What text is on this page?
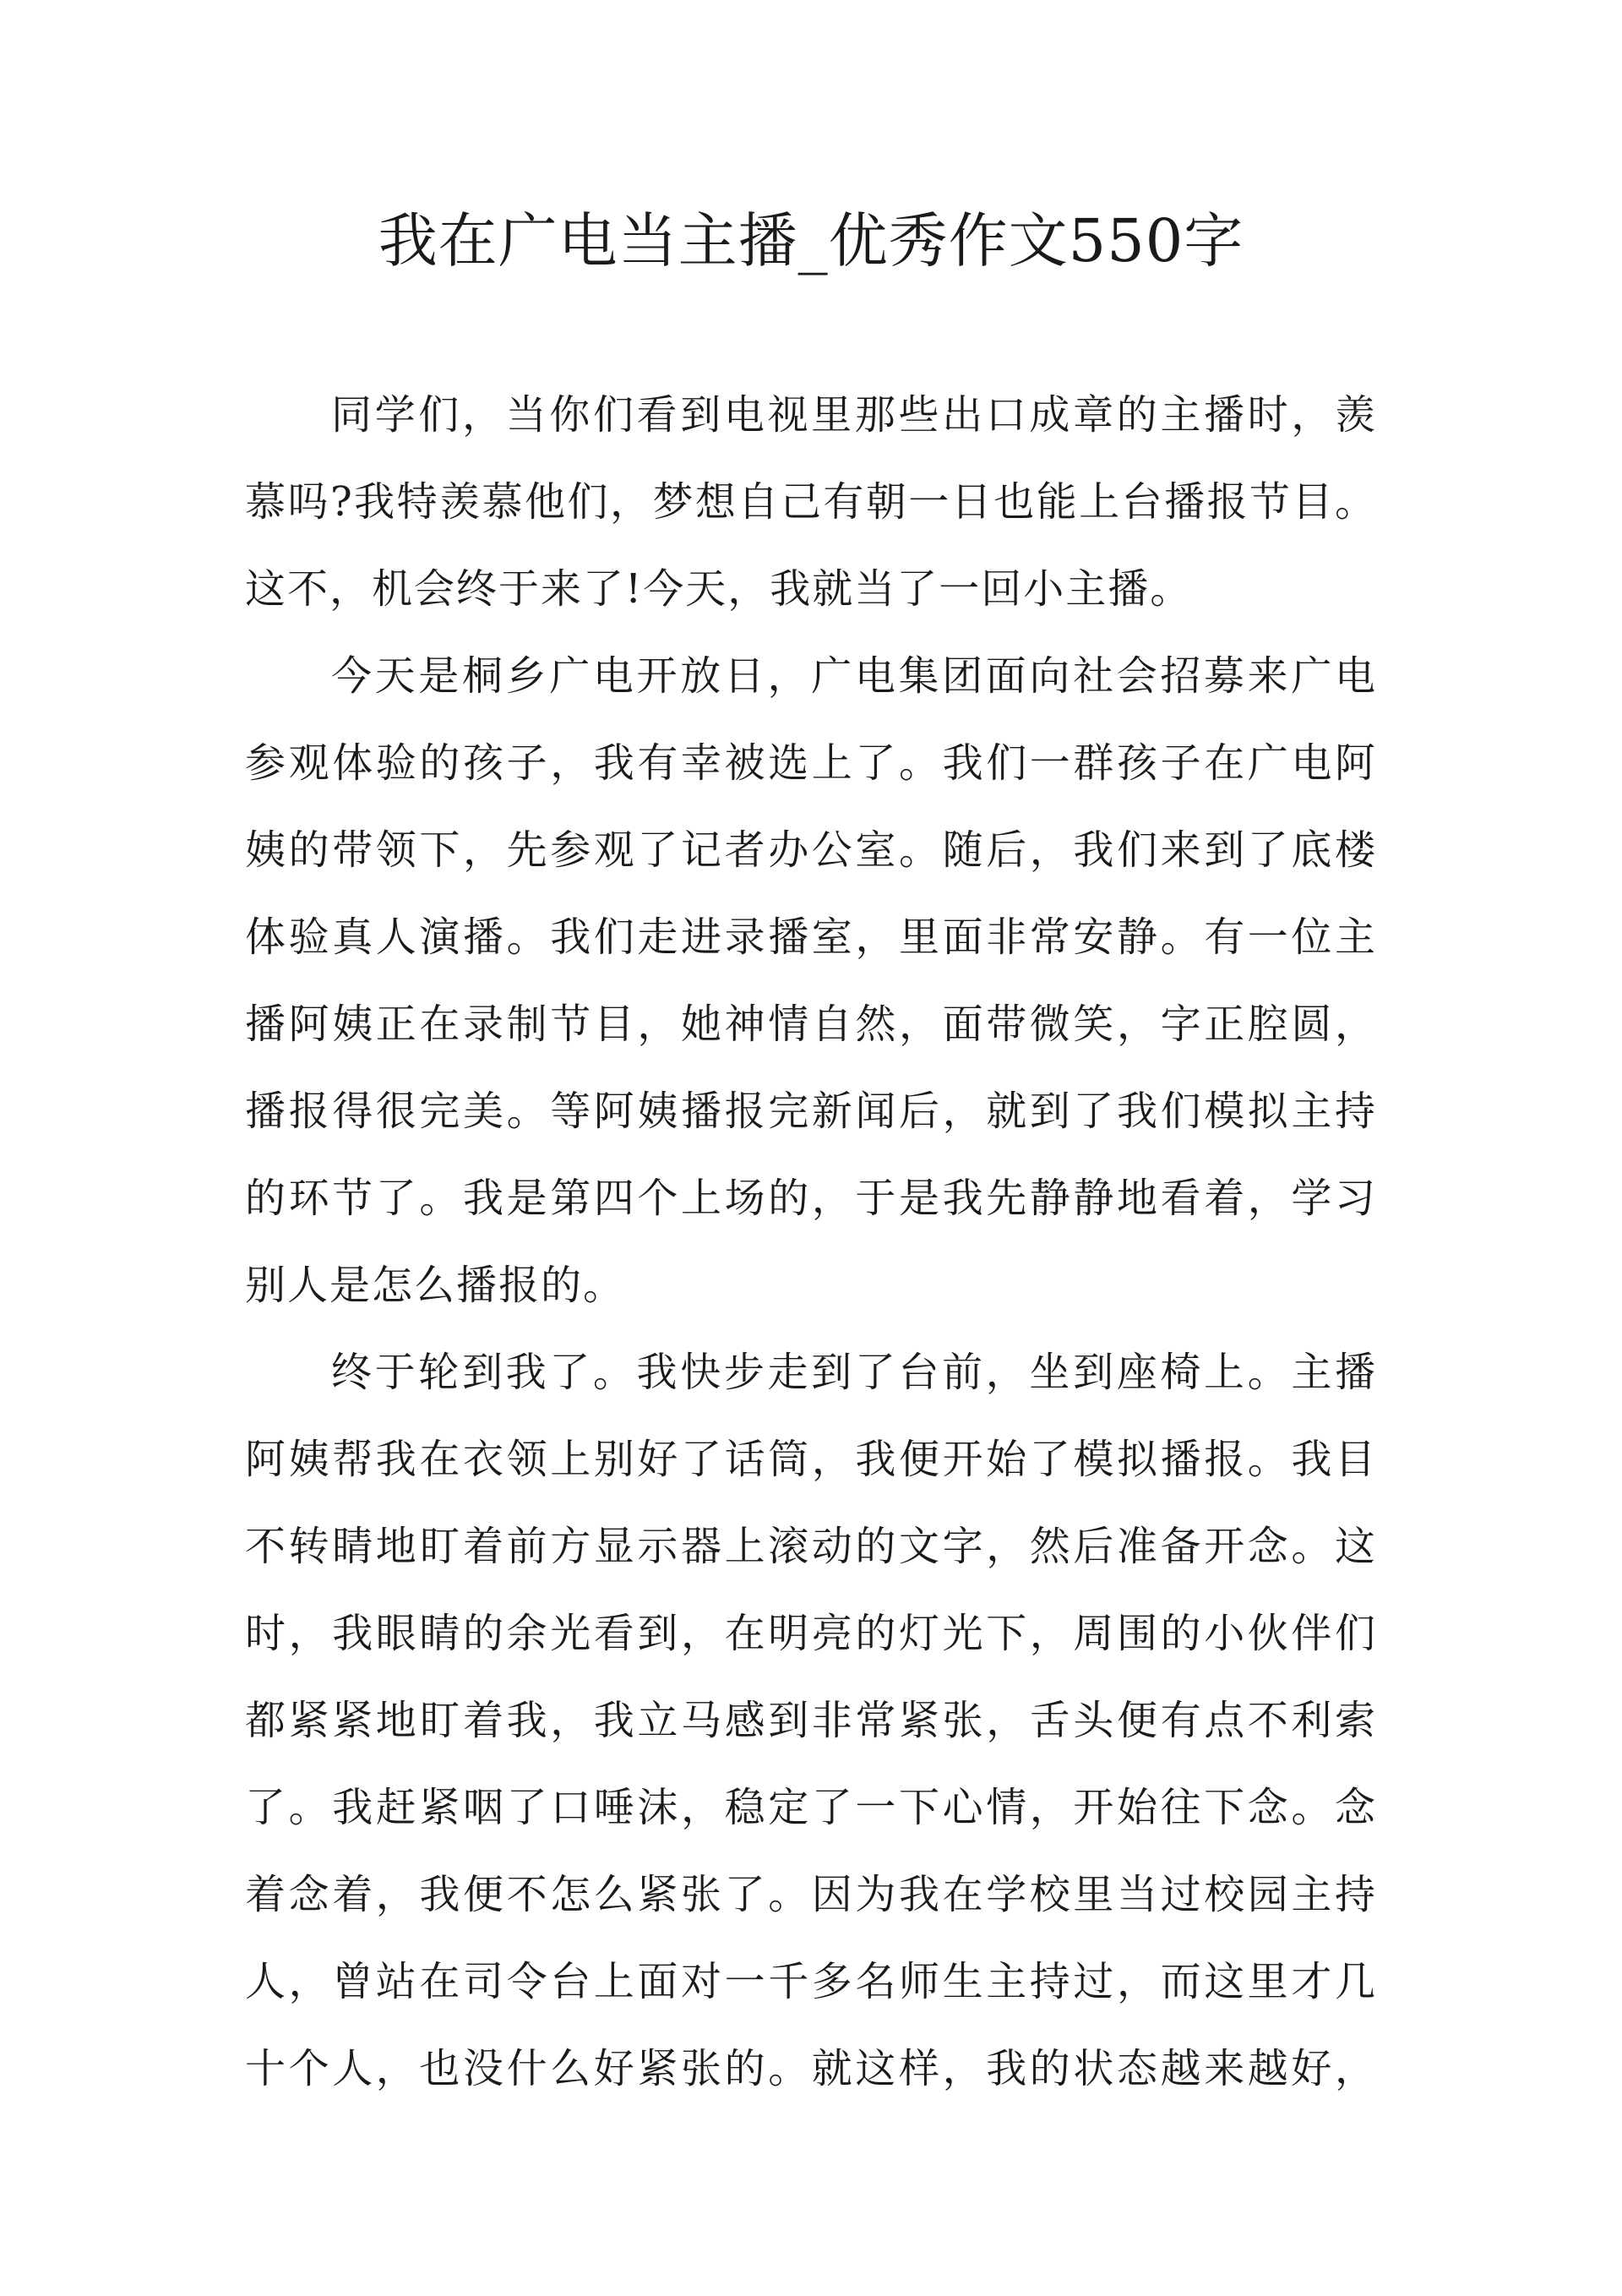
我在广电当主播_优秀作文550字
同学们，当你们看到电视里那些出口成章的主播时，羡
慕吗?我特羡慕他们，梦想自己有朝一日也能上台播报节目。
这不，机会终于来了!今天，我就当了一回小主播。
今天是桐乡广电开放日，广电集团面向社会招募来广电
参观体验的孩子，我有幸被选上了。我们一群孩子在广电阿
姨的带领下，先参观了记者办公室。随后，我们来到了底楼
体验真人演播。我们走进录播室，里面非常安静。有一位主
播阿姨正在录制节目，她神情自然，面带微笑，字正腔圆，
播报得很完美。等阿姨播报完新闻后，就到了我们模拟主持
的环节了。我是第四个上场的，于是我先静静地看着，学习
别人是怎么播报的。
终于轮到我了。我快步走到了台前，坐到座椅上。主播
阿姨帮我在衣领上别好了话筒，我便开始了模拟播报。我目
不转睛地盯着前方显示器上滚动的文字，然后准备开念。这
时，我眼睛的余光看到，在明亮的灯光下，周围的小伙伴们
都紧紧地盯着我，我立马感到非常紧张，舌头便有点不利索
了。我赶紧咽了口唾沫，稳定了一下心情，开始往下念。念
着念着，我便不怎么紧张了。因为我在学校里当过校园主持
人，曾站在司令台上面对一千多名师生主持过，而这里才几
十个人，也没什么好紧张的。就这样，我的状态越来越好，
